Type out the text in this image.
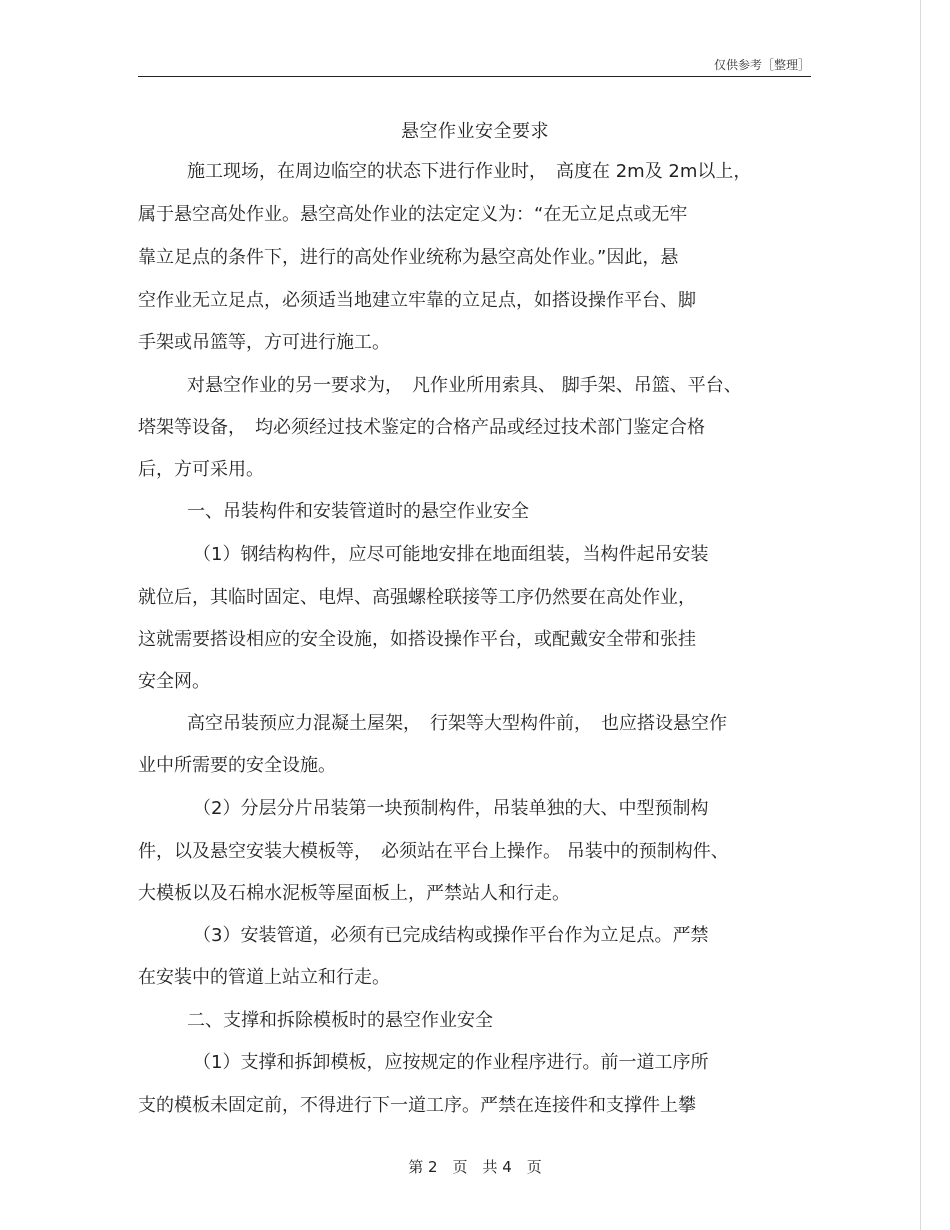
仅供参考［整理］
悬空作业安全要求
施工现场，在周边临空的状态下进行作业时，　高度在 2m及 2m以上，
属于悬空高处作业。悬空高处作业的法定定义为：“在无立足点或无牢
靠立足点的条件下，进行的高处作业统称为悬空高处作业。”因此，悬
空作业无立足点，必须适当地建立牢靠的立足点，如搭设操作平台、脚
手架或吊篮等，方可进行施工。
对悬空作业的另一要求为，　凡作业所用索具、 脚手架、吊篮、平台、
塔架等设备，　均必须经过技术鉴定的合格产品或经过技术部门鉴定合格
后，方可采用。
一、吊装构件和安装管道时的悬空作业安全
（1）钢结构构件，应尽可能地安排在地面组装，当构件起吊安装
就位后，其临时固定、电焊、高强螺栓联接等工序仍然要在高处作业，
这就需要搭设相应的安全设施，如搭设操作平台，或配戴安全带和张挂
安全网。
高空吊装预应力混凝土屋架，　行架等大型构件前，　也应搭设悬空作
业中所需要的安全设施。
（2）分层分片吊装第一块预制构件，吊装单独的大、中型预制构
件，以及悬空安装大模板等，　必须站在平台上操作。 吊装中的预制构件、
大模板以及石棉水泥板等屋面板上，严禁站人和行走。
（3）安装管道，必须有已完成结构或操作平台作为立足点。严禁
在安装中的管道上站立和行走。
二、支撑和拆除模板时的悬空作业安全
（1）支撑和拆卸模板，应按规定的作业程序进行。前一道工序所
支的模板未固定前，不得进行下一道工序。严禁在连接件和支撑件上攀
第 2　页　共 4　页
